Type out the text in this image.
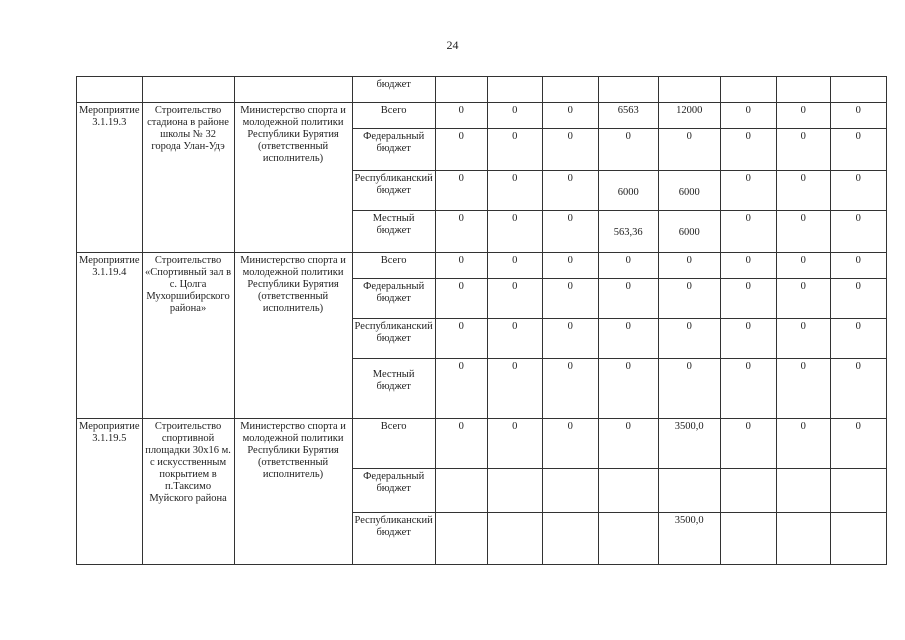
24
			бюджет								
Мероприятие 3.1.19.3	Строительство стадиона в районе школы № 32 города Улан-Удэ	Министерство спорта и молодежной политики Республики Бурятия (ответственный исполнитель)	Всего	0	0	0	6563	12000	0	0	0
			Федеральный бюджет	0	0	0	0	0	0	0	0
			Республиканский бюджет	0	0	0	6000	6000	0	0	0
			Местный бюджет	0	0	0	563,36	6000	0	0	0
Мероприятие 3.1.19.4	Строительство «Спортивный зал в с. Цолга Мухоршибирского района»	Министерство спорта и молодежной политики Республики Бурятия (ответственный исполнитель)	Всего	0	0	0	0	0	0	0	0
			Федеральный бюджет	0	0	0	0	0	0	0	0
			Республиканский бюджет	0	0	0	0	0	0	0	0
			Местный бюджет	0	0	0	0	0	0	0	0
Мероприятие 3.1.19.5	Строительство спортивной площадки 30х16 м. с искусственным покрытием в п.Таксимо Муйского района	Министерство спорта и молодежной политики Республики Бурятия (ответственный исполнитель)	Всего	0	0	0	0	3500,0	0	0	0
			Федеральный бюджет								
			Республиканский бюджет					3500,0			
